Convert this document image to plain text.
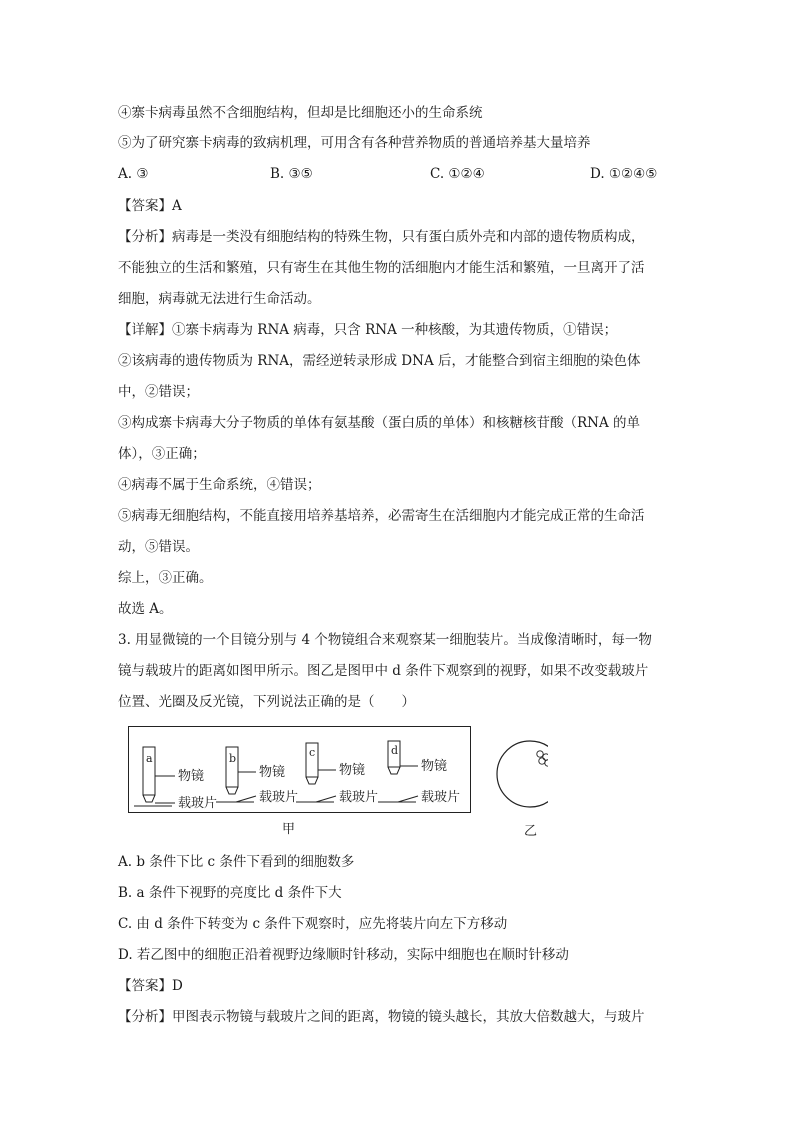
④寨卡病毒虽然不含细胞结构，但却是比细胞还小的生命系统
⑤为了研究寨卡病毒的致病机理，可用含有各种营养物质的普通培养基大量培养
A. ③	B. ③⑤	C. ①②④	D. ①②④⑤
【答案】A
【分析】病毒是一类没有细胞结构的特殊生物，只有蛋白质外壳和内部的遗传物质构成，
不能独立的生活和繁殖，只有寄生在其他生物的活细胞内才能生活和繁殖，一旦离开了活
细胞，病毒就无法进行生命活动。
【详解】①寨卡病毒为 RNA 病毒，只含 RNA 一种核酸，为其遗传物质，①错误；
②该病毒的遗传物质为 RNA，需经逆转录形成 DNA 后，才能整合到宿主细胞的染色体
中，②错误；
③构成寨卡病毒大分子物质的单体有氨基酸（蛋白质的单体）和核糖核苷酸（RNA 的单
体），③正确；
④病毒不属于生命系统，④错误；
⑤病毒无细胞结构，不能直接用培养基培养，必需寄生在活细胞内才能完成正常的生命活
动，⑤错误。
综上，③正确。
故选 A。
3. 用显微镜的一个目镜分别与 4 个物镜组合来观察某一细胞装片。当成像清晰时，每一物
镜与载玻片的距离如图甲所示。图乙是图甲中 d 条件下观察到的视野，如果不改变载玻片
位置、光圈及反光镜，下列说法正确的是（　　）
a
物镜
载玻片
b
物镜
载玻片
c
物镜
载玻片
d
物镜
载玻片
甲	乙
A. b 条件下比 c 条件下看到的细胞数多
B. a 条件下视野的亮度比 d 条件下大
C. 由 d 条件下转变为 c 条件下观察时，应先将装片向左下方移动
D. 若乙图中的细胞正沿着视野边缘顺时针移动，实际中细胞也在顺时针移动
【答案】D
【分析】甲图表示物镜与载玻片之间的距离，物镜的镜头越长，其放大倍数越大，与玻片
